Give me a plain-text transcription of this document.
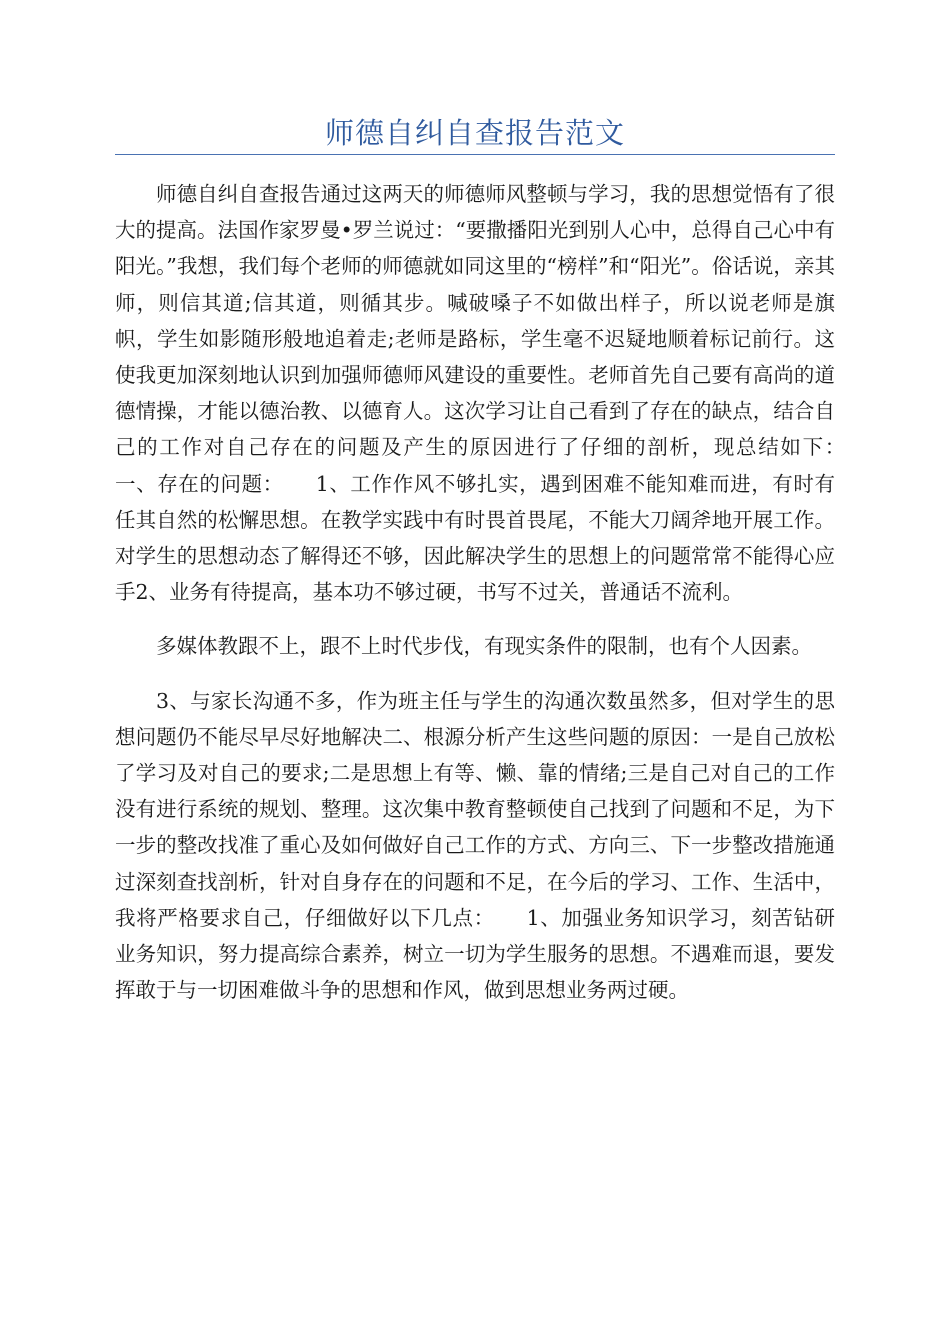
师德自纠自查报告范文

师德自纠自查报告通过这两天的师德师风整顿与学习，我的思想觉悟有了很大的提高。法国作家罗曼•罗兰说过：“要撒播阳光到别人心中，总得自己心中有阳光。”我想，我们每个老师的师德就如同这里的“榜样”和“阳光”。俗话说，亲其师，则信其道;信其道，则循其步。喊破嗓子不如做出样子，所以说老师是旗帜，学生如影随形般地追着走;老师是路标，学生毫不迟疑地顺着标记前行。这使我更加深刻地认识到加强师德师风建设的重要性。老师首先自己要有高尚的道德情操，才能以德治教、以德育人。这次学习让自己看到了存在的缺点，结合自己的工作对自己存在的问题及产生的原因进行了仔细的剖析，现总结如下：　　一、存在的问题：　　1、工作作风不够扎实，遇到困难不能知难而进，有时有任其自然的松懈思想。在教学实践中有时畏首畏尾，不能大刀阔斧地开展工作。对学生的思想动态了解得还不够，因此解决学生的思想上的问题常常不能得心应手2、业务有待提高，基本功不够过硬，书写不过关，普通话不流利。

多媒体教跟不上，跟不上时代步伐，有现实条件的限制，也有个人因素。

3、与家长沟通不多，作为班主任与学生的沟通次数虽然多，但对学生的思想问题仍不能尽早尽好地解决二、根源分析产生这些问题的原因：一是自己放松了学习及对自己的要求;二是思想上有等、懒、靠的情绪;三是自己对自己的工作没有进行系统的规划、整理。这次集中教育整顿使自己找到了问题和不足，为下一步的整改找准了重心及如何做好自己工作的方式、方向三、下一步整改措施通过深刻查找剖析，针对自身存在的问题和不足，在今后的学习、工作、生活中，我将严格要求自己，仔细做好以下几点：　　1、加强业务知识学习，刻苦钻研业务知识，努力提高综合素养，树立一切为学生服务的思想。不遇难而退，要发挥敢于与一切困难做斗争的思想和作风，做到思想业务两过硬。
